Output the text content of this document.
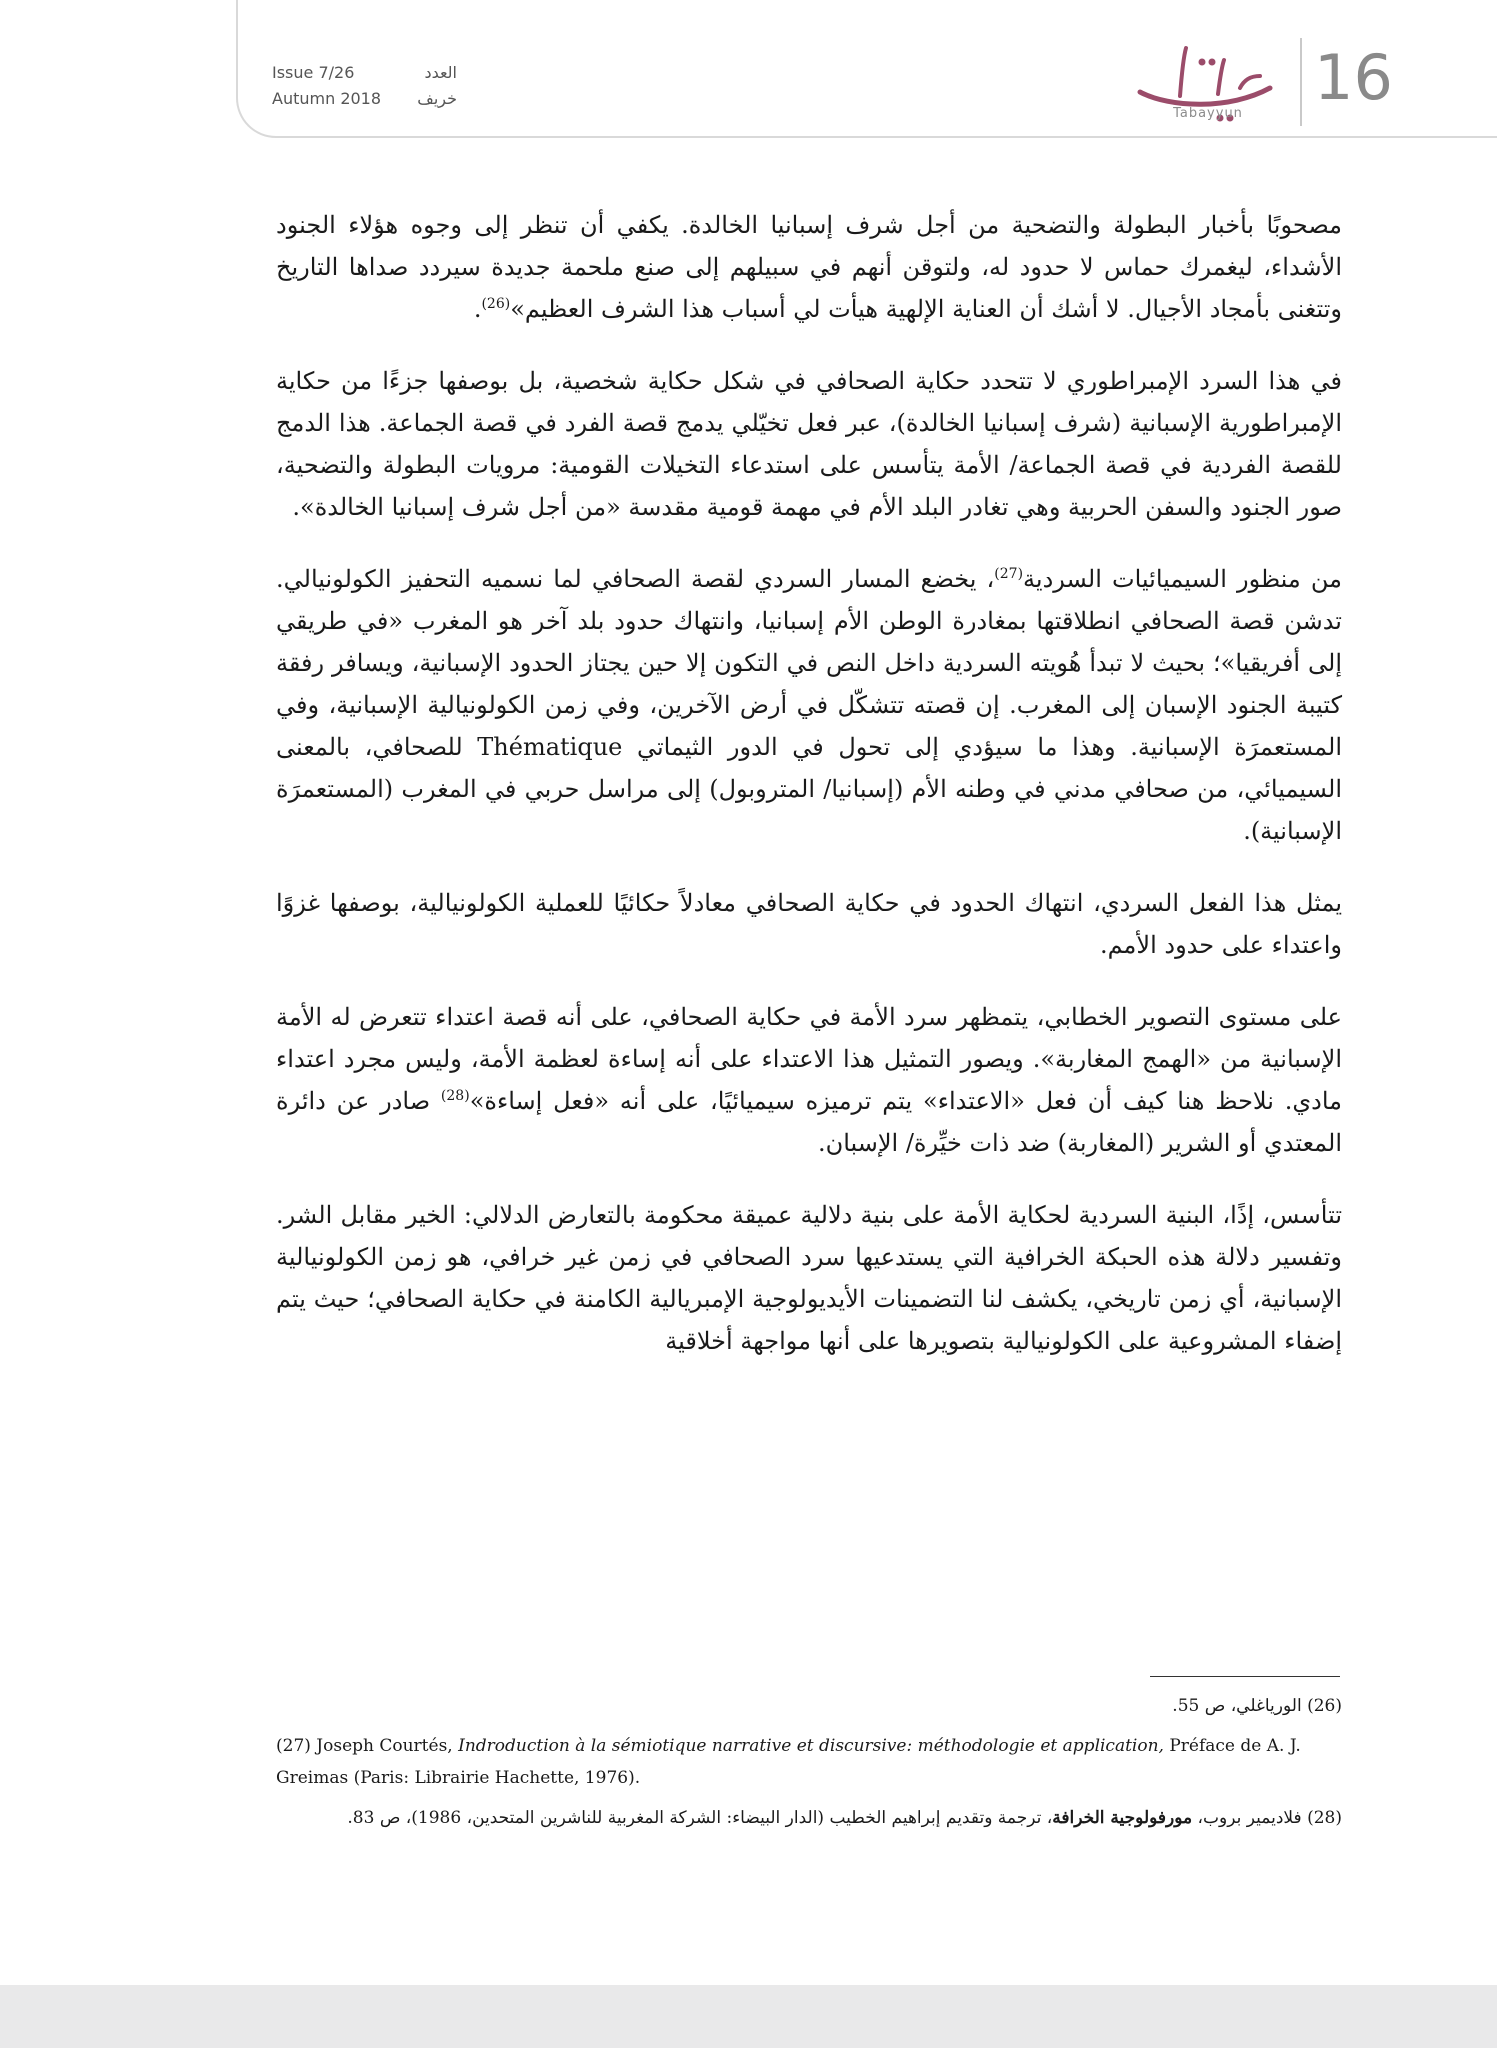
Issue 7/26	العدد
Autumn 2018 خريف
Tabayyun	16

مصحوبًا بأخبار البطولة والتضحية من أجل شرف إسبانيا الخالدة. يكفي أن تنظر إلى وجوه هؤلاء الجنود الأشداء، ليغمرك حماس لا حدود له، ولتوقن أنهم في سبيلهم إلى صنع ملحمة جديدة سيردد صداها التاريخ وتتغنى بأمجاد الأجيال. لا أشك أن العناية الإلهية هيأت لي أسباب هذا الشرف العظيم»$^{(26)}$.

في هذا السرد الإمبراطوري لا تتحدد حكاية الصحافي في شكل حكاية شخصية، بل بوصفها جزءًا من حكاية الإمبراطورية الإسبانية (شرف إسبانيا الخالدة)، عبر فعل تخيّلي يدمج قصة الفرد في قصة الجماعة. هذا الدمج للقصة الفردية في قصة الجماعة/ الأمة يتأسس على استدعاء التخيلات القومية: مرويات البطولة والتضحية، صور الجنود والسفن الحربية وهي تغادر البلد الأم في مهمة قومية مقدسة «من أجل شرف إسبانيا الخالدة».

من منظور السيميائيات السردية$^{(27)}$، يخضع المسار السردي لقصة الصحافي لما نسميه التحفيز الكولونيالي. تدشن قصة الصحافي انطلاقتها بمغادرة الوطن الأم إسبانيا، وانتهاك حدود بلد آخر هو المغرب «في طريقي إلى أفريقيا»؛ بحيث لا تبدأ هُويته السردية داخل النص في التكون إلا حين يجتاز الحدود الإسبانية، ويسافر رفقة كتيبة الجنود الإسبان إلى المغرب. إن قصته تتشكّل في أرض الآخرين، وفي زمن الكولونيالية الإسبانية، وفي المستعمرَة الإسبانية. وهذا ما سيؤدي إلى تحول في الدور الثيماتي Thématique للصحافي، بالمعنى السيميائي، من صحافي مدني في وطنه الأم (إسبانيا/ المتروبول) إلى مراسل حربي في المغرب (المستعمرَة الإسبانية).

يمثل هذا الفعل السردي، انتهاك الحدود في حكاية الصحافي معادلاً حكائيًا للعملية الكولونيالية، بوصفها غزوًا واعتداء على حدود الأمم.

على مستوى التصوير الخطابي، يتمظهر سرد الأمة في حكاية الصحافي، على أنه قصة اعتداء تتعرض له الأمة الإسبانية من «الهمج المغاربة». ويصور التمثيل هذا الاعتداء على أنه إساءة لعظمة الأمة، وليس مجرد اعتداء مادي. نلاحظ هنا كيف أن فعل «الاعتداء» يتم ترميزه سيميائيًا، على أنه «فعل إساءة»$^{(28)}$ صادر عن دائرة المعتدي أو الشرير (المغاربة) ضد ذات خيِّرة/ الإسبان.

تتأسس، إذًا، البنية السردية لحكاية الأمة على بنية دلالية عميقة محكومة بالتعارض الدلالي: الخير مقابل الشر. وتفسير دلالة هذه الحبكة الخرافية التي يستدعيها سرد الصحافي في زمن غير خرافي، هو زمن الكولونيالية الإسبانية، أي زمن تاريخي، يكشف لنا التضمينات الأيديولوجية الإمبريالية الكامنة في حكاية الصحافي؛ حيث يتم إضفاء المشروعية على الكولونيالية بتصويرها على أنها مواجهة أخلاقية

(26) الورياغلي، ص 55.
(27) Joseph Courtés, Indroduction à la sémiotique narrative et discursive: méthodologie et application, Préface de A. J. Greimas (Paris: Librairie Hachette, 1976).
(28) فلاديمير بروب، مورفولوجية الخرافة، ترجمة وتقديم إبراهيم الخطيب (الدار البيضاء: الشركة المغربية للناشرين المتحدين، 1986)، ص 83.
